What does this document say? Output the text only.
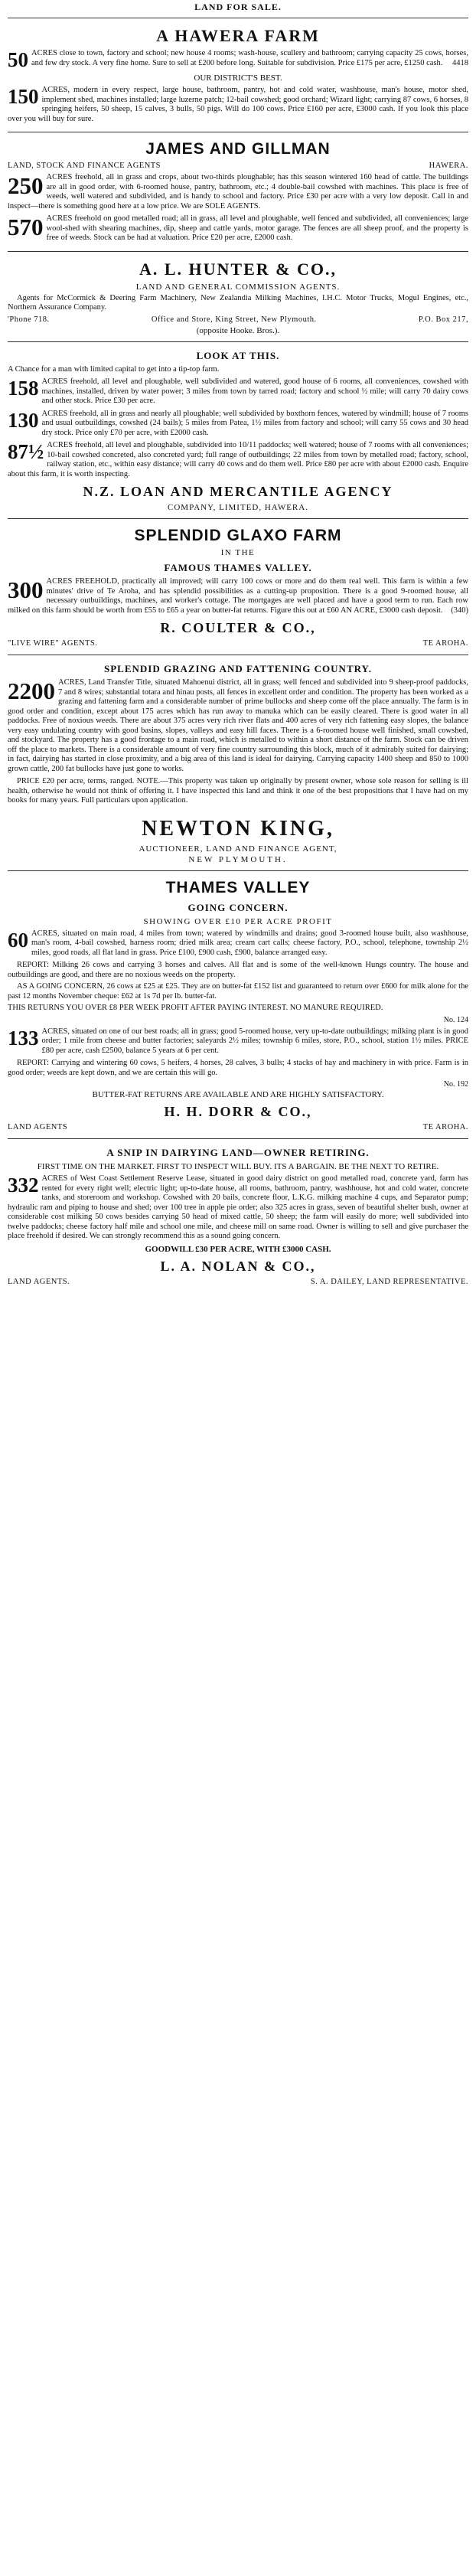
LAND FOR SALE.
A HAWERA FARM
50 ACRES close to town, factory and school; new house 4 rooms; wash-house, scullery and bathroom; carrying capacity 25 cows, horses, and few dry stock. A very fine home. Sure to sell at £200 before long. Suitable for subdivision. Price £175 per acre, £1250 cash. 4418
OUR DISTRICT'S BEST.
150 ACRES, modern in every respect, large house, bathroom, pantry, hot and cold water, washhouse, man's house, motor shed, implement shed, machines installed; large luzerne patch; 12-bail cowshed; good orchard; Wizard light; carrying 87 cows, 6 horses, 8 springing heifers, 50 sheep, 15 calves, 3 bulls, 50 pigs. Will do 100 cows. Price £160 per acre, £3000 cash. If you look this place over you will buy for sure.
JAMES AND GILLMAN
LAND, STOCK AND FINANCE AGENTS	HAWERA.
250 ACRES freehold, all in grass and crops, about two-thirds ploughable; has this season wintered 160 head of cattle. The buildings are all in good order, with 6-roomed house, pantry, bathroom, etc.; 4 double-bail cowshed with machines. This place is free of weeds, well watered and subdivided, and is handy to school and factory. Price £30 per acre with a very low deposit. Call in and inspect—there is something good here at a low price. We are SOLE AGENTS.
570 ACRES freehold on good metalled road; all in grass, all level and ploughable, well fenced and subdivided, all conveniences; large wool-shed with shearing machines, dip, sheep and cattle yards, motor garage. The fences are all sheep proof, and the property is free of weeds. Stock can be had at valuation. Price £20 per acre, £2000 cash.
A. L. HUNTER & CO.,
LAND AND GENERAL COMMISSION AGENTS.
Agents for McCormick & Deering Farm Machinery, New Zealandia Milking Machines, I.H.C. Motor Trucks, Mogul Engines, etc., Northern Assurance Company.
'Phone 718.	Office and Store, King Street, New Plymouth.	P.O. Box 217,
(opposite Hooke. Bros.).
LOOK AT THIS.
A Chance for a man with limited capital to get into a tip-top farm.
158 ACRES freehold, all level and ploughable, well subdivided and watered, good house of 6 rooms, all conveniences, cowshed with machines, installed, driven by water power; 3 miles from town by tarred road; factory and school ½ mile; will carry 70 dairy cows and other stock. Price £30 per acre.
130 ACRES freehold, all in grass and nearly all ploughable; well subdivided by boxthorn fences, watered by windmill; house of 7 rooms and usual outbuildings, cowshed (24 bails); 5 miles from Patea, 1½ miles from factory and school; will carry 55 cows and 30 head dry stock. Price only £70 per acre, with £2000 cash.
87½ ACRES freehold, all level and ploughable, subdivided into 10/11 paddocks; well watered; house of 7 rooms with all conveniences; 10-bail cowshed concreted, also concreted yard; full range of outbuildings; 22 miles from town by metalled road; factory, school, railway station, etc., within easy distance; will carry 40 cows and do them well. Price £80 per acre with about £2000 cash. Enquire about this farm, it is worth inspecting.
N.Z. LOAN AND MERCANTILE AGENCY
COMPANY, LIMITED, HAWERA.
SPLENDID GLAXO FARM
IN THE
FAMOUS THAMES VALLEY.
300 ACRES FREEHOLD, practically all improved; will carry 100 cows or more and do them real well. This farm is within a few minutes' drive of Te Aroha, and has splendid possibilities as a cutting-up proposition. There is a good 9-roomed house, all necessary outbuildings, machines, and worker's cottage. The mortgages are well placed and have a good term to run. Each row milked on this farm should be worth from £55 to £65 a year on butter-fat returns. Figure this out at £60 AN ACRE, £3000 cash deposit. (340)
R. COULTER & CO.,
"LIVE WIRE" AGENTS.	TE AROHA.
SPLENDID GRAZING AND FATTENING COUNTRY.
2200 ACRES, Land Transfer Title, situated Mahoenui district, all in grass; well fenced and subdivided into 9 sheep-proof paddocks, 7 and 8 wires; substantial totara and hinau posts, all fences in excellent order and condition. The property has been worked as a grazing and fattening farm and a considerable number of prime bullocks and sheep come off the place annually. The farm is in good order and condition, except about 175 acres which has run away to manuka which can be easily cleared. There is good water in all paddocks. Free of noxious weeds. There are about 375 acres very rich river flats and 400 acres of very rich fattening easy slopes, the balance very easy undulating country with good basins, slopes, valleys and easy hill faces. There is a 6-roomed house well finished, small cowshed, and stockyard. The property has a good frontage to a main road, which is metalled to within a short distance of the farm. Stock can be driven off the place to markets. There is a considerable amount of very fine country surrounding this block, much of it admirably suited for dairying; in fact, dairying has started in close proximity, and a big area of this land is ideal for dairying. Carrying capacity 1400 sheep and 850 to 1000 grown cattle, 200 fat bullocks have just gone to works.
PRICE £20 per acre, terms, ranged. NOTE.—This property was taken up originally by present owner, whose sole reason for selling is ill health, otherwise he would not think of offering it. I have inspected this land and think it one of the best propositions that I have had on my books for many years. Full particulars upon application.
NEWTON KING,
AUCTIONEER, LAND AND FINANCE AGENT,
NEW PLYMOUTH.
THAMES VALLEY
GOING CONCERN.
SHOWING OVER £10 PER ACRE PROFIT
60 ACRES, situated on main road, 4 miles from town; watered by windmills and drains; good 3-roomed house built, also washhouse, man's room, 4-bail cowshed, harness room; dried milk area; cream cart calls; cheese factory, P.O., school, telephone, township 2½ miles, good roads, all flat land in grass. Price £100, £900 cash, £900, balance arranged easy.
REPORT: Milking 26 cows and carrying 3 horses and calves. All flat and is some of the well-known Hungs country. The house and outbuildings are good, and there are no noxious weeds on the property.
AS A GOING CONCERN, 26 cows at £25 at £25. They are on butter-fat £152 list and guaranteed to return over £600 for milk alone for the past 12 months November cheque: £62 at 1s 7d per lb. butter-fat.
THIS RETURNS YOU OVER £8 PER WEEK PROFIT AFTER PAYING INTEREST. NO MANURE REQUIRED.
No. 124
133 ACRES, situated on one of our best roads; all in grass; good 5-roomed house, very up-to-date outbuildings; milking plant is in good order; 1 mile from cheese and butter factories; saleyards 2½ miles; township 6 miles, store, P.O., school, station 1½ miles. PRICE £80 per acre, cash £2500, balance 5 years at 6 per cent.
REPORT: Carrying and wintering 60 cows, 5 heifers, 4 horses, 28 calves, 3 bulls; 4 stacks of hay and machinery in with price. Farm is in good order; weeds are kept down, and we are certain this will go.
No. 192
BUTTER-FAT RETURNS ARE AVAILABLE AND ARE HIGHLY SATISFACTORY.
H. H. DORR & CO.,
LAND AGENTS	TE AROHA.
A SNIP IN DAIRYING LAND—OWNER RETIRING.
FIRST TIME ON THE MARKET. FIRST TO INSPECT WILL BUY. ITS A BARGAIN. BE THE NEXT TO RETIRE.
332 ACRES of West Coast Settlement Reserve Lease, situated in good dairy district on good metalled road, concrete yard, farm has rented for every right well; electric light; up-to-date house, all rooms, bathroom, pantry, washhouse, hot and cold water, concrete tanks, and storeroom and workshop. Cowshed with 20 bails, concrete floor, L.K.G. milking machine 4 cups, and Separator pump; hydraulic ram and piping to house and shed; over 100 tree in apple pie order; also 325 acres in grass, seven of beautiful shelter bush, owner at considerable cost milking 50 cows besides carrying 50 head of mixed cattle, 50 sheep; the farm will easily do more; well subdivided into twelve paddocks; cheese factory half mile and school one mile, and cheese mill on same road. Owner is willing to sell and give purchaser the place freehold if desired. We can strongly recommend this as a sound going concern.
GOODWILL £30 PER ACRE, WITH £3000 CASH.
L. A. NOLAN & CO.,
LAND AGENTS.	S. A. DAILEY, LAND REPRESENTATIVE.
